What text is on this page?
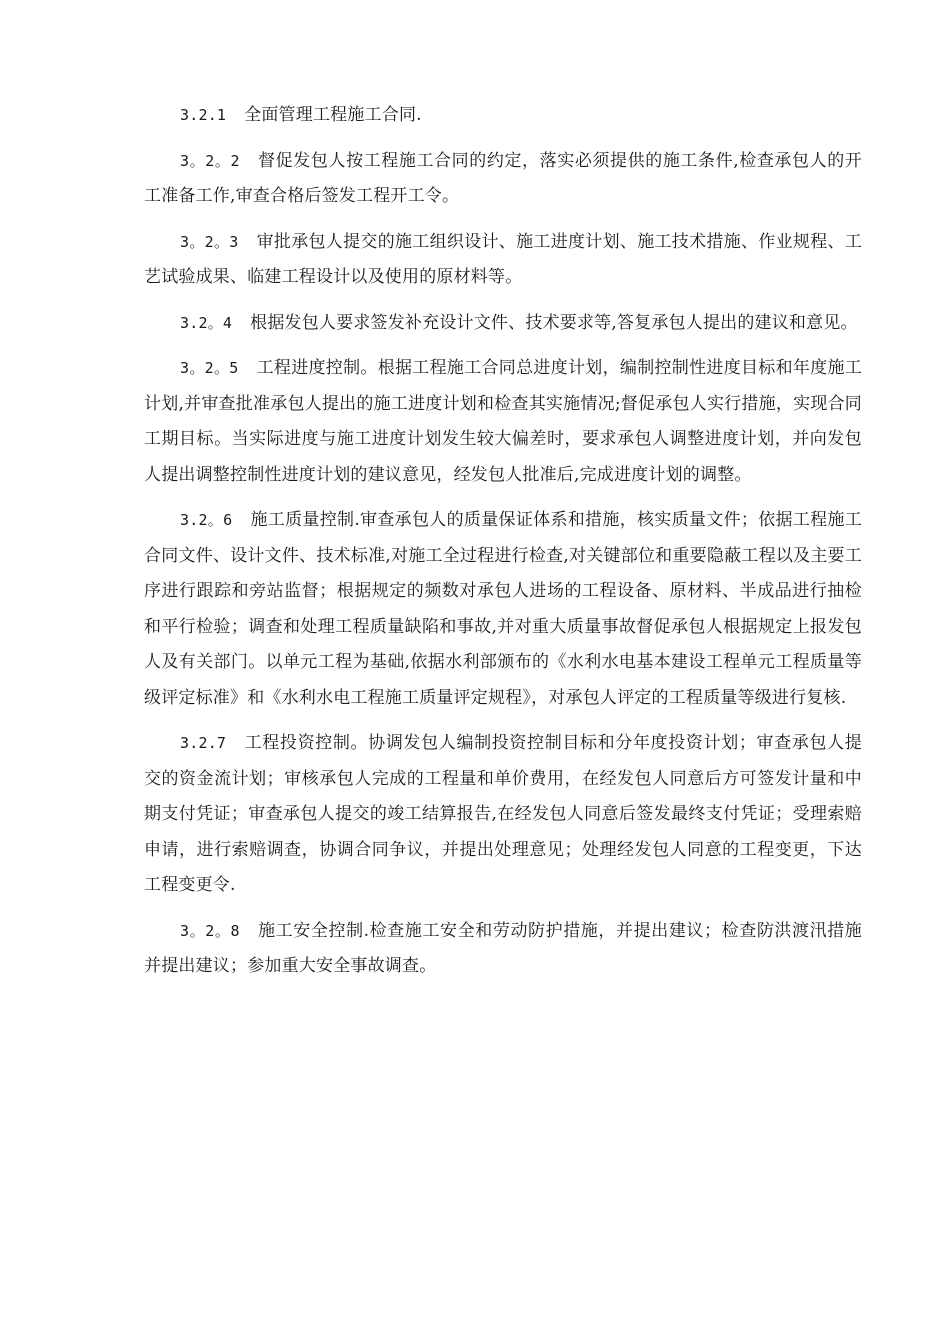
3.2.1 全面管理工程施工合同.

3。2。2 督促发包人按工程施工合同的约定，落实必须提供的施工条件,检查承包人的开工准备工作,审查合格后签发工程开工令。

3。2。3 审批承包人提交的施工组织设计、施工进度计划、施工技术措施、作业规程、工艺试验成果、临建工程设计以及使用的原材料等。

3.2。4 根据发包人要求签发补充设计文件、技术要求等,答复承包人提出的建议和意见。

3。2。5 工程进度控制。根据工程施工合同总进度计划，编制控制性进度目标和年度施工计划,并审查批准承包人提出的施工进度计划和检查其实施情况;督促承包人实行措施，实现合同工期目标。当实际进度与施工进度计划发生较大偏差时，要求承包人调整进度计划，并向发包人提出调整控制性进度计划的建议意见，经发包人批准后,完成进度计划的调整。

3.2。6 施工质量控制.审查承包人的质量保证体系和措施，核实质量文件；依据工程施工合同文件、设计文件、技术标准,对施工全过程进行检查,对关键部位和重要隐蔽工程以及主要工序进行跟踪和旁站监督；根据规定的频数对承包人进场的工程设备、原材料、半成品进行抽检和平行检验；调查和处理工程质量缺陷和事故,并对重大质量事故督促承包人根据规定上报发包人及有关部门。以单元工程为基础,依据水利部颁布的《水利水电基本建设工程单元工程质量等级评定标准》和《水利水电工程施工质量评定规程》，对承包人评定的工程质量等级进行复核.

3.2.7 工程投资控制。协调发包人编制投资控制目标和分年度投资计划；审查承包人提交的资金流计划；审核承包人完成的工程量和单价费用，在经发包人同意后方可签发计量和中期支付凭证；审查承包人提交的竣工结算报告,在经发包人同意后签发最终支付凭证；受理索赔申请，进行索赔调查，协调合同争议，并提出处理意见；处理经发包人同意的工程变更，下达工程变更令.

3。2。8 施工安全控制.检查施工安全和劳动防护措施，并提出建议；检查防洪渡汛措施并提出建议；参加重大安全事故调查。
